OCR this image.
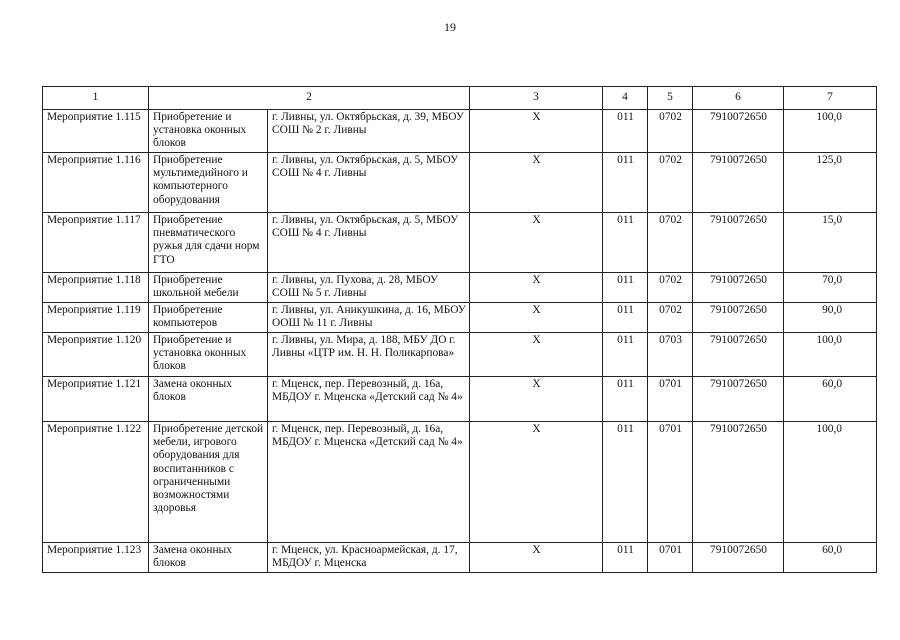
19
1	2		3	4	5	6	7
Мероприятие 1.115	Приобретение и установка оконных блоков	г. Ливны, ул. Октябрьская, д. 39, МБОУ СОШ № 2 г. Ливны	X	011	0702	7910072650	100,0
Мероприятие 1.116	Приобретение мультимедийного и компьютерного оборудования	г. Ливны, ул. Октябрьская, д. 5, МБОУ СОШ № 4 г. Ливны	X	011	0702	7910072650	125,0
Мероприятие 1.117	Приобретение пневматического ружья для сдачи норм ГТО	г. Ливны, ул. Октябрьская, д. 5, МБОУ СОШ № 4 г. Ливны	X	011	0702	7910072650	15,0
Мероприятие 1.118	Приобретение школьной мебели	г. Ливны, ул. Пухова, д. 28, МБОУ СОШ № 5 г. Ливны	X	011	0702	7910072650	70,0
Мероприятие 1.119	Приобретение компьютеров	г. Ливны, ул. Аникушкина, д. 16, МБОУ ООШ № 11 г. Ливны	X	011	0702	7910072650	90,0
Мероприятие 1.120	Приобретение и установка оконных блоков	г. Ливны, ул. Мира, д. 188, МБУ ДО г. Ливны «ЦТР им. Н. Н. Поликарпова»	X	011	0703	7910072650	100,0
Мероприятие 1.121	Замена оконных блоков	г. Мценск, пер. Перевозный, д. 16а, МБДОУ г. Мценска «Детский сад № 4»	X	011	0701	7910072650	60,0
Мероприятие 1.122	Приобретение детской мебели, игрового оборудования для воспитанников с ограниченными возможностями здоровья	г. Мценск, пер. Перевозный, д. 16а, МБДОУ г. Мценска «Детский сад № 4»	X	011	0701	7910072650	100,0
Мероприятие 1.123	Замена оконных блоков	г. Мценск, ул. Красноармейская, д. 17, МБДОУ г. Мценска	X	011	0701	7910072650	60,0
